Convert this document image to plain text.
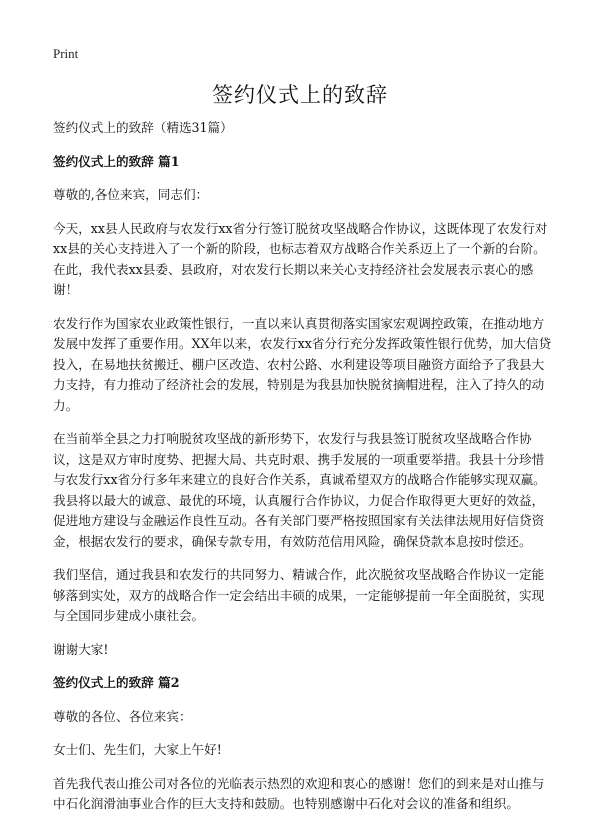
Print
签约仪式上的致辞

签约仪式上的致辞（精选31篇）

签约仪式上的致辞 篇1

尊敬的,各位来宾，同志们：

今天，xx县人民政府与农发行xx省分行签订脱贫攻坚战略合作协议，这既体现了农发行对xx县的关心支持进入了一个新的阶段，也标志着双方战略合作关系迈上了一个新的台阶。在此，我代表xx县委、县政府，对农发行长期以来关心支持经济社会发展表示衷心的感谢！

农发行作为国家农业政策性银行，一直以来认真贯彻落实国家宏观调控政策，在推动地方发展中发挥了重要作用。XX年以来，农发行xx省分行充分发挥政策性银行优势，加大信贷投入，在易地扶贫搬迁、棚户区改造、农村公路、水利建设等项目融资方面给予了我县大力支持，有力推动了经济社会的发展，特别是为我县加快脱贫摘帽进程，注入了持久的动力。

在当前举全县之力打响脱贫攻坚战的新形势下，农发行与我县签订脱贫攻坚战略合作协议，这是双方审时度势、把握大局、共克时艰、携手发展的一项重要举措。我县十分珍惜与农发行xx省分行多年来建立的良好合作关系，真诚希望双方的战略合作能够实现双赢。我县将以最大的诚意、最优的环境，认真履行合作协议，力促合作取得更大更好的效益，促进地方建设与金融运作良性互动。各有关部门要严格按照国家有关法律法规用好信贷资金，根据农发行的要求，确保专款专用，有效防范信用风险，确保贷款本息按时偿还。

我们坚信，通过我县和农发行的共同努力、精诚合作，此次脱贫攻坚战略合作协议一定能够落到实处，双方的战略合作一定会结出丰硕的成果，一定能够提前一年全面脱贫，实现与全国同步建成小康社会。

谢谢大家!

签约仪式上的致辞 篇2

尊敬的各位、各位来宾：

女士们、先生们，大家上午好!

首先我代表山推公司对各位的光临表示热烈的欢迎和衷心的感谢！您们的到来是对山推与中石化润滑油事业合作的巨大支持和鼓励。也特别感谢中石化对会议的准备和组织。
